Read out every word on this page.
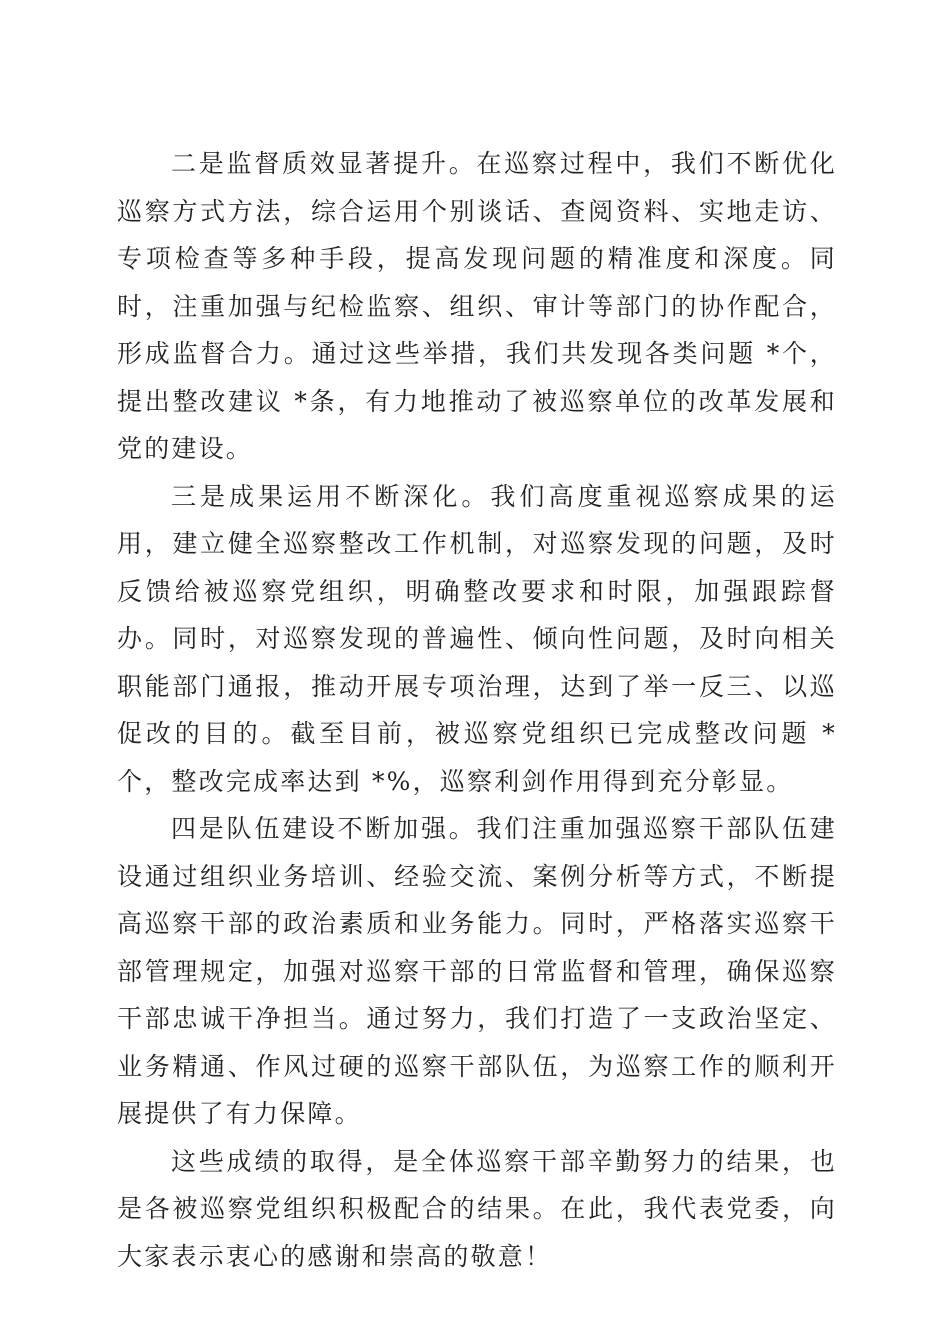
二是监督质效显著提升。在巡察过程中，我们不断优化巡察方式方法，综合运用个别谈话、查阅资料、实地走访、专项检查等多种手段，提高发现问题的精准度和深度。同时，注重加强与纪检监察、组织、审计等部门的协作配合，形成监督合力。通过这些举措，我们共发现各类问题 *个，提出整改建议 *条，有力地推动了被巡察单位的改革发展和党的建设。

三是成果运用不断深化。我们高度重视巡察成果的运用，建立健全巡察整改工作机制，对巡察发现的问题，及时反馈给被巡察党组织，明确整改要求和时限，加强跟踪督办。同时，对巡察发现的普遍性、倾向性问题，及时向相关职能部门通报，推动开展专项治理，达到了举一反三、以巡促改的目的。截至目前，被巡察党组织已完成整改问题 *个，整改完成率达到 *%，巡察利剑作用得到充分彰显。

四是队伍建设不断加强。我们注重加强巡察干部队伍建设通过组织业务培训、经验交流、案例分析等方式，不断提高巡察干部的政治素质和业务能力。同时，严格落实巡察干部管理规定，加强对巡察干部的日常监督和管理，确保巡察干部忠诚干净担当。通过努力，我们打造了一支政治坚定、业务精通、作风过硬的巡察干部队伍，为巡察工作的顺利开展提供了有力保障。

这些成绩的取得，是全体巡察干部辛勤努力的结果，也是各被巡察党组织积极配合的结果。在此，我代表党委，向大家表示衷心的感谢和崇高的敬意！
